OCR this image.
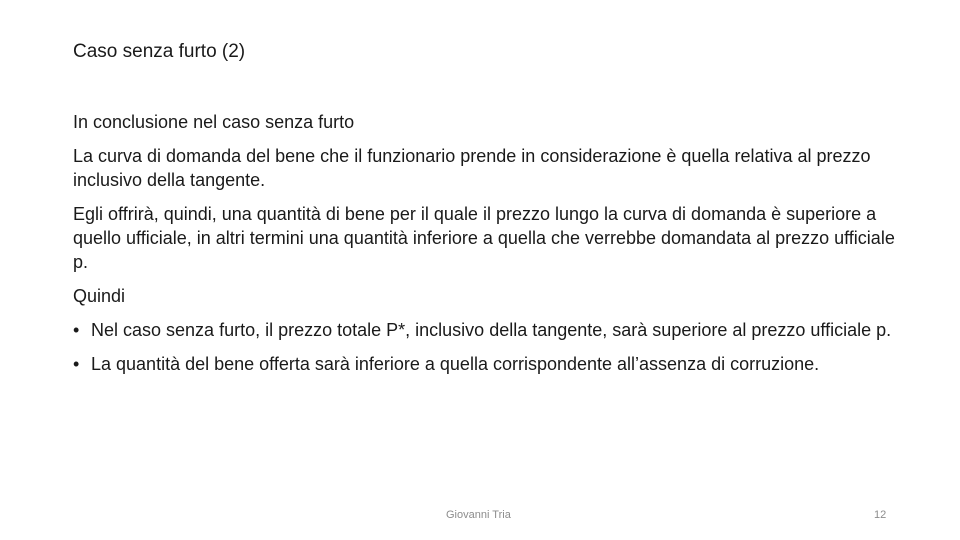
Caso senza furto (2)

In conclusione nel caso senza furto

La curva di domanda del bene che il funzionario prende in considerazione è quella relativa al prezzo inclusivo della tangente.

Egli offrirà, quindi, una quantità di bene per il quale il prezzo lungo la curva di domanda è superiore a quello ufficiale, in altri termini una quantità inferiore a quella che verrebbe domandata al prezzo ufficiale p.

Quindi

• Nel caso senza furto, il prezzo totale P*, inclusivo della tangente, sarà superiore al prezzo ufficiale p.
• La quantità del bene offerta sarà inferiore a quella corrispondente all’assenza di corruzione.
Giovanni Tria	12
